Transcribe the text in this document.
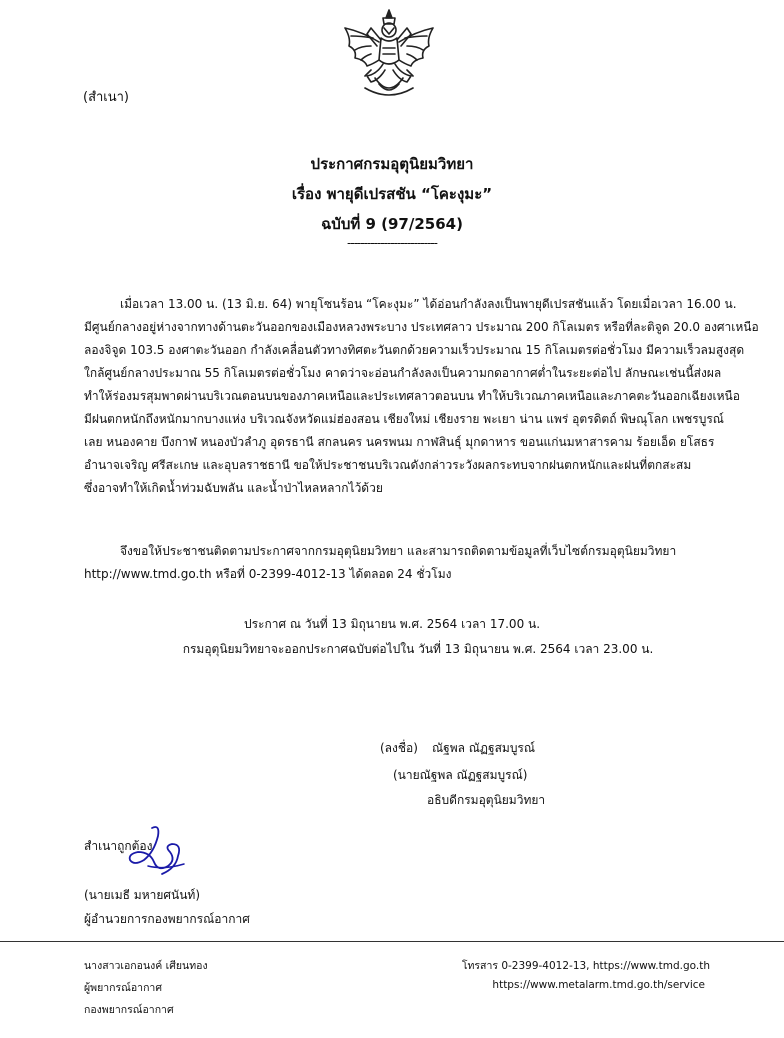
(สำเนา)
ประกาศกรมอุตุนิยมวิทยา
เรื่อง พายุดีเปรสชัน “โคะงุมะ”
ฉบับที่ 9 (97/2564)
---------------------------
เมื่อเวลา 13.00 น. (13 มิ.ย. 64) พายุโซนร้อน “โคะงุมะ” ได้อ่อนกำลังลงเป็นพายุดีเปรสชันแล้ว โดยเมื่อเวลา 16.00 น.
มีศูนย์กลางอยู่ห่างจากทางด้านตะวันออกของเมืองหลวงพระบาง ประเทศลาว ประมาณ 200 กิโลเมตร หรือที่ละติจูด 20.0 องศาเหนือ
ลองจิจูด 103.5 องศาตะวันออก กำลังเคลื่อนตัวทางทิศตะวันตกด้วยความเร็วประมาณ 15 กิโลเมตรต่อชั่วโมง มีความเร็วลมสูงสุด
ใกล้ศูนย์กลางประมาณ 55 กิโลเมตรต่อชั่วโมง คาดว่าจะอ่อนกำลังลงเป็นความกดอากาศต่ำในระยะต่อไป ลักษณะเช่นนี้ส่งผล
ทำให้ร่องมรสุมพาดผ่านบริเวณตอนบนของภาคเหนือและประเทศลาวตอนบน ทำให้บริเวณภาคเหนือและภาคตะวันออกเฉียงเหนือ
มีฝนตกหนักถึงหนักมากบางแห่ง บริเวณจังหวัดแม่ฮ่องสอน เชียงใหม่ เชียงราย พะเยา น่าน แพร่ อุตรดิตถ์ พิษณุโลก เพชรบูรณ์
เลย หนองคาย บึงกาฬ หนองบัวลำภู อุดรธานี สกลนคร นครพนม กาฬสินธุ์ มุกดาหาร ขอนแก่นมหาสารคาม ร้อยเอ็ด ยโสธร
อำนาจเจริญ ศรีสะเกษ และอุบลราชธานี ขอให้ประชาชนบริเวณดังกล่าวระวังผลกระทบจากฝนตกหนักและฝนที่ตกสะสม
ซึ่งอาจทำให้เกิดน้ำท่วมฉับพลัน และน้ำป่าไหลหลากไว้ด้วย
จึงขอให้ประชาชนติดตามประกาศจากกรมอุตุนิยมวิทยา และสามารถติดตามข้อมูลที่เว็บไซต์กรมอุตุนิยมวิทยา
http://www.tmd.go.th หรือที่ 0-2399-4012-13 ได้ตลอด 24 ชั่วโมง
ประกาศ ณ วันที่ 13 มิถุนายน พ.ศ. 2564 เวลา 17.00 น.
กรมอุตุนิยมวิทยาจะออกประกาศฉบับต่อไปใน วันที่ 13 มิถุนายน พ.ศ. 2564 เวลา 23.00 น.
(ลงชื่อ) ณัฐพล ณัฏฐสมบูรณ์
(นายณัฐพล ณัฏฐสมบูรณ์)
อธิบดีกรมอุตุนิยมวิทยา
สำเนาถูกต้อง
(นายเมธี มหายศนันท์)
ผู้อำนวยการกองพยากรณ์อากาศ
นางสาวเอกอนงค์ เศียนทอง
ผู้พยากรณ์อากาศ
กองพยากรณ์อากาศ
โทรสาร 0-2399-4012-13, https://www.tmd.go.th
https://www.metalarm.tmd.go.th/service
